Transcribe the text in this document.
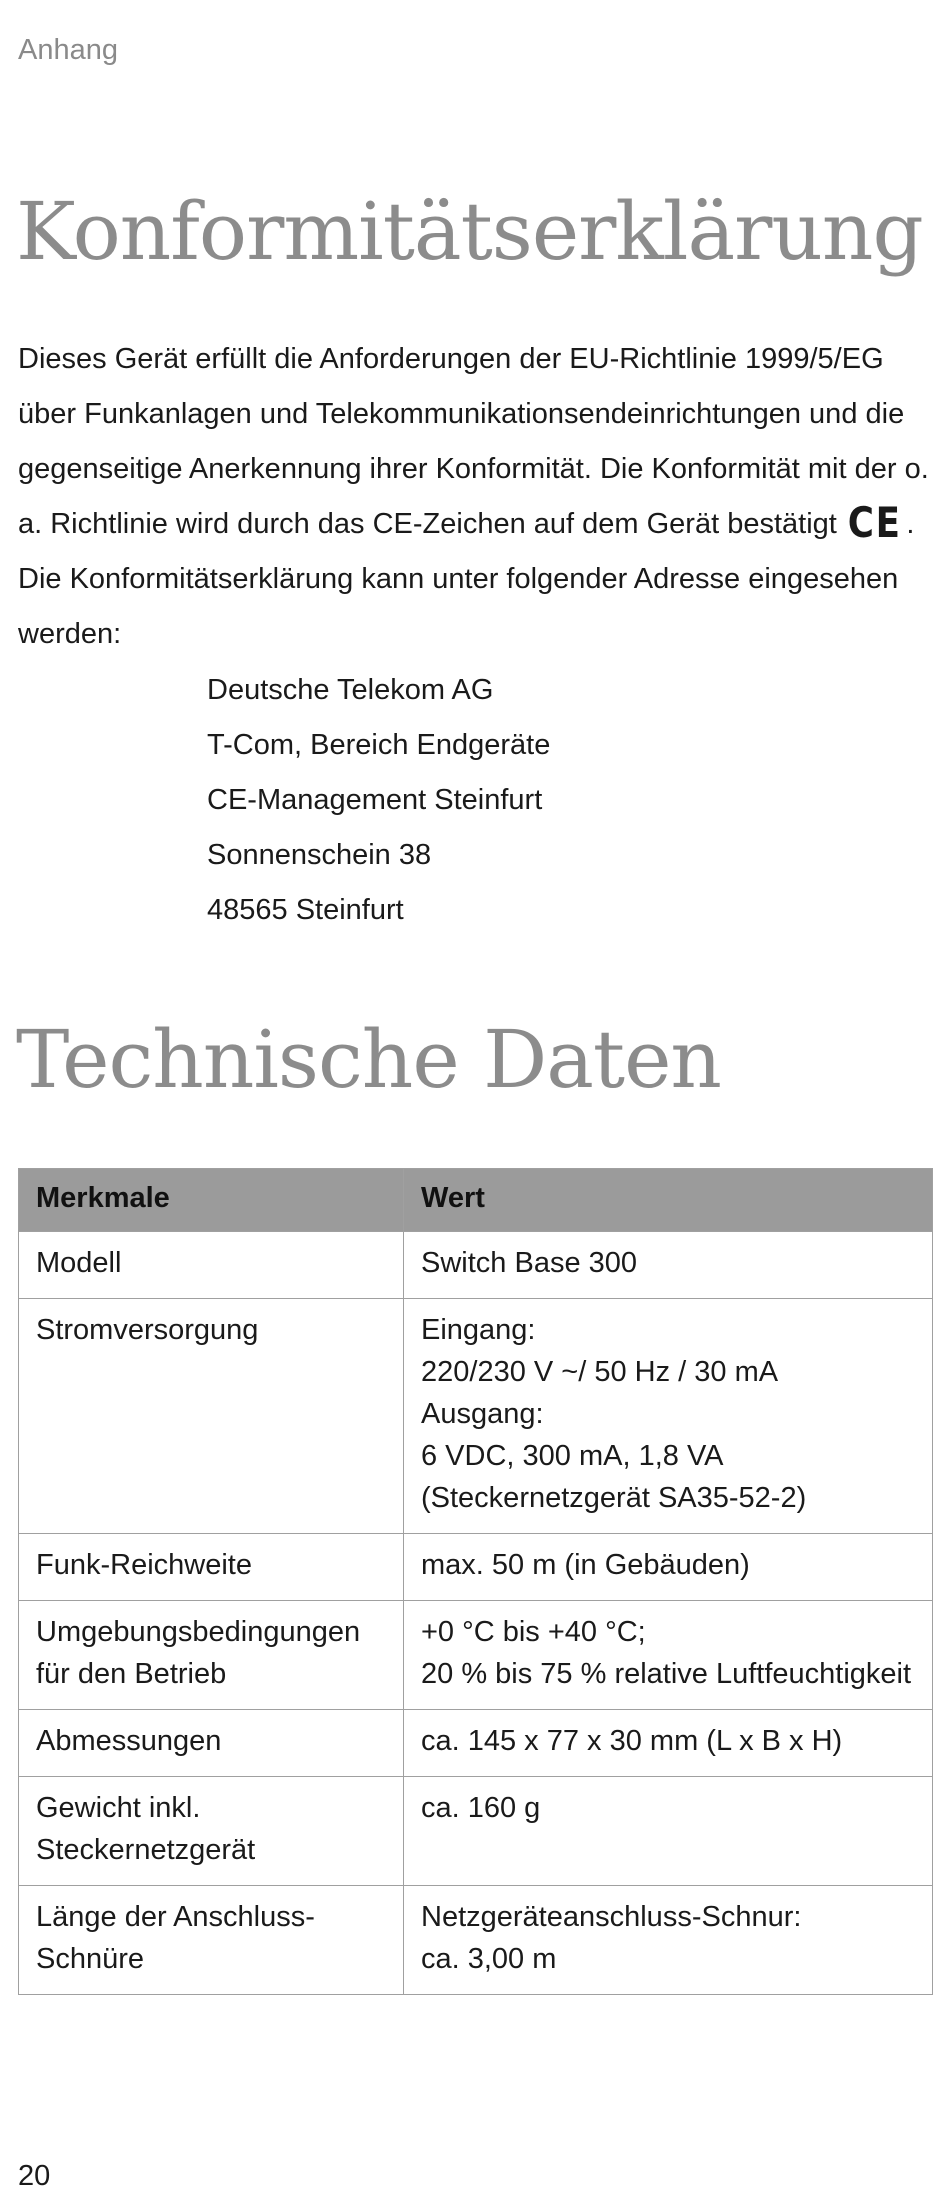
Anhang
Konformitätserklärung

Dieses Gerät erfüllt die Anforderungen der EU-Richtlinie 1999/5/EG über Funkanlagen und Telekommunikationsendeinrichtungen und die gegenseitige Anerkennung ihrer Konformität. Die Konformität mit der o. a. Richtlinie wird durch das CE-Zeichen auf dem Gerät bestätigt CE . Die Konformitätserklärung kann unter folgender Adresse eingesehen werden:

Deutsche Telekom AG
T-Com, Bereich Endgeräte
CE-Management Steinfurt
Sonnenschein 38
48565 Steinfurt
Technische Daten
Merkmale	Wert

Modell	Switch Base 300

Stromversorgung	Eingang:
220/230 V ~/ 50 Hz / 30 mA
Ausgang:
6 VDC, 300 mA, 1,8 VA
(Steckernetzgerät SA35-52-2)

Funk-Reichweite	max. 50 m (in Gebäuden)

Umgebungsbedingungen
für den Betrieb	+0 °C bis +40 °C;
20 % bis 75 % relative Luftfeuchtigkeit

Abmessungen	ca. 145 x 77 x 30 mm (L x B x H)

Gewicht inkl.
Steckernetzgerät	ca. 160 g

Länge der Anschluss-
Schnüre	Netzgeräteanschluss-Schnur:
ca. 3,00 m
20
